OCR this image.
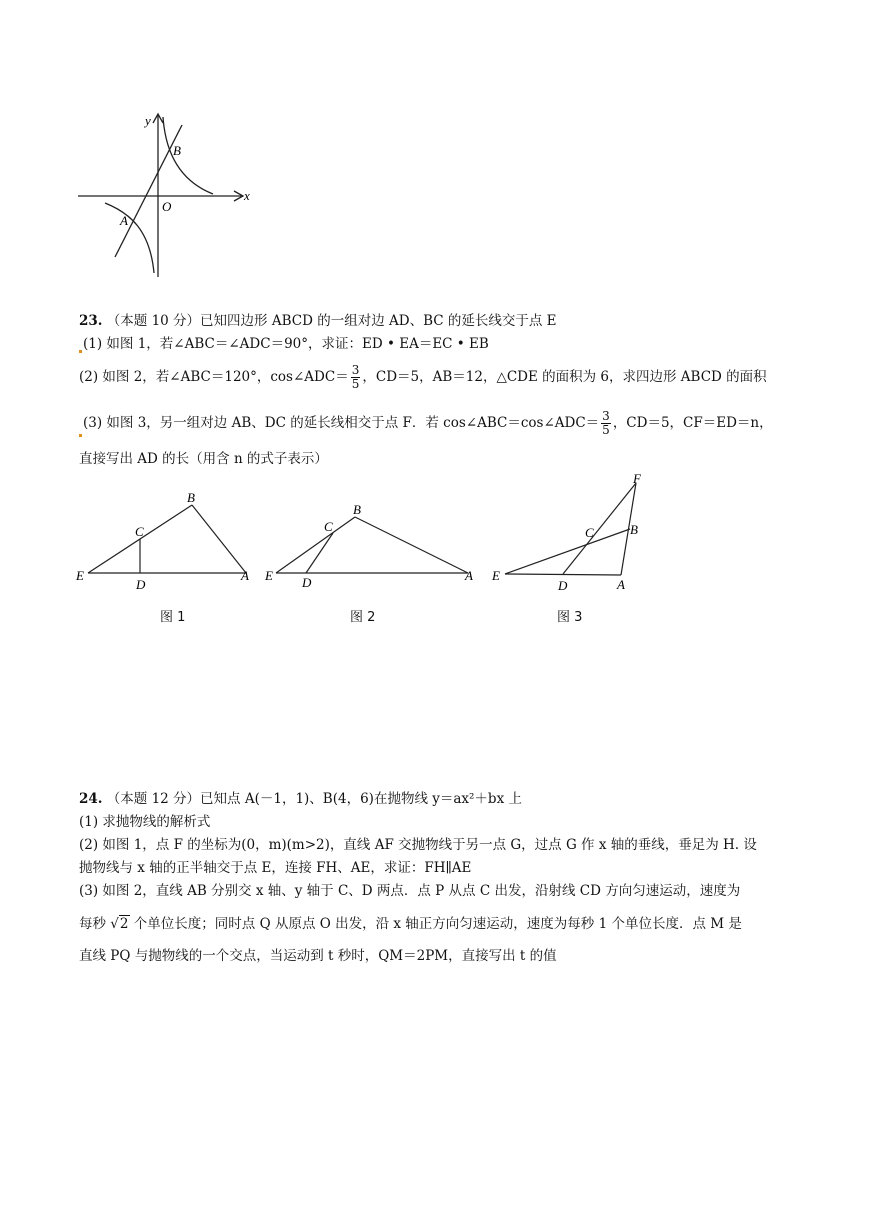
y
x
B
O
A
23. （本题 10 分）已知四边形 ABCD 的一组对边 AD、BC 的延长线交于点 E
(1) 如图 1，若∠ABC＝∠ADC＝90°，求证：ED • EA＝EC • EB
(2) 如图 2，若∠ABC＝120°，cos∠ADC＝ $\frac{3}{5}$ ，CD＝5，AB＝12，△CDE 的面积为 6，求四边形 ABCD 的面积
(3) 如图 3，另一组对边 AB、DC 的延长线相交于点 F．若 cos∠ABC＝cos∠ADC＝ $\frac{3}{5}$ ，CD＝5，CF＝ED＝n，
直接写出 AD 的长（用含 n 的式子表示）
B
C
E
D
A
图 1
B
C
E D	A
图 2
F
B
C
E
D	A
图 3
24. （本题 12 分）已知点 A(－1，1)、B(4，6)在抛物线 y＝ax²＋bx 上
(1) 求抛物线的解析式
(2) 如图 1，点 F 的坐标为(0，m)(m>2)，直线 AF 交抛物线于另一点 G，过点 G 作 x 轴的垂线，垂足为 H. 设
抛物线与 x 轴的正半轴交于点 E，连接 FH、AE，求证：FH∥AE
(3) 如图 2，直线 AB 分别交 x 轴、y 轴于 C、D 两点．点 P 从点 C 出发，沿射线 CD 方向匀速运动，速度为
每秒 √2 个单位长度；同时点 Q 从原点 O 出发，沿 x 轴正方向匀速运动，速度为每秒 1 个单位长度．点 M 是
直线 PQ 与抛物线的一个交点，当运动到 t 秒时，QM＝2PM，直接写出 t 的值
